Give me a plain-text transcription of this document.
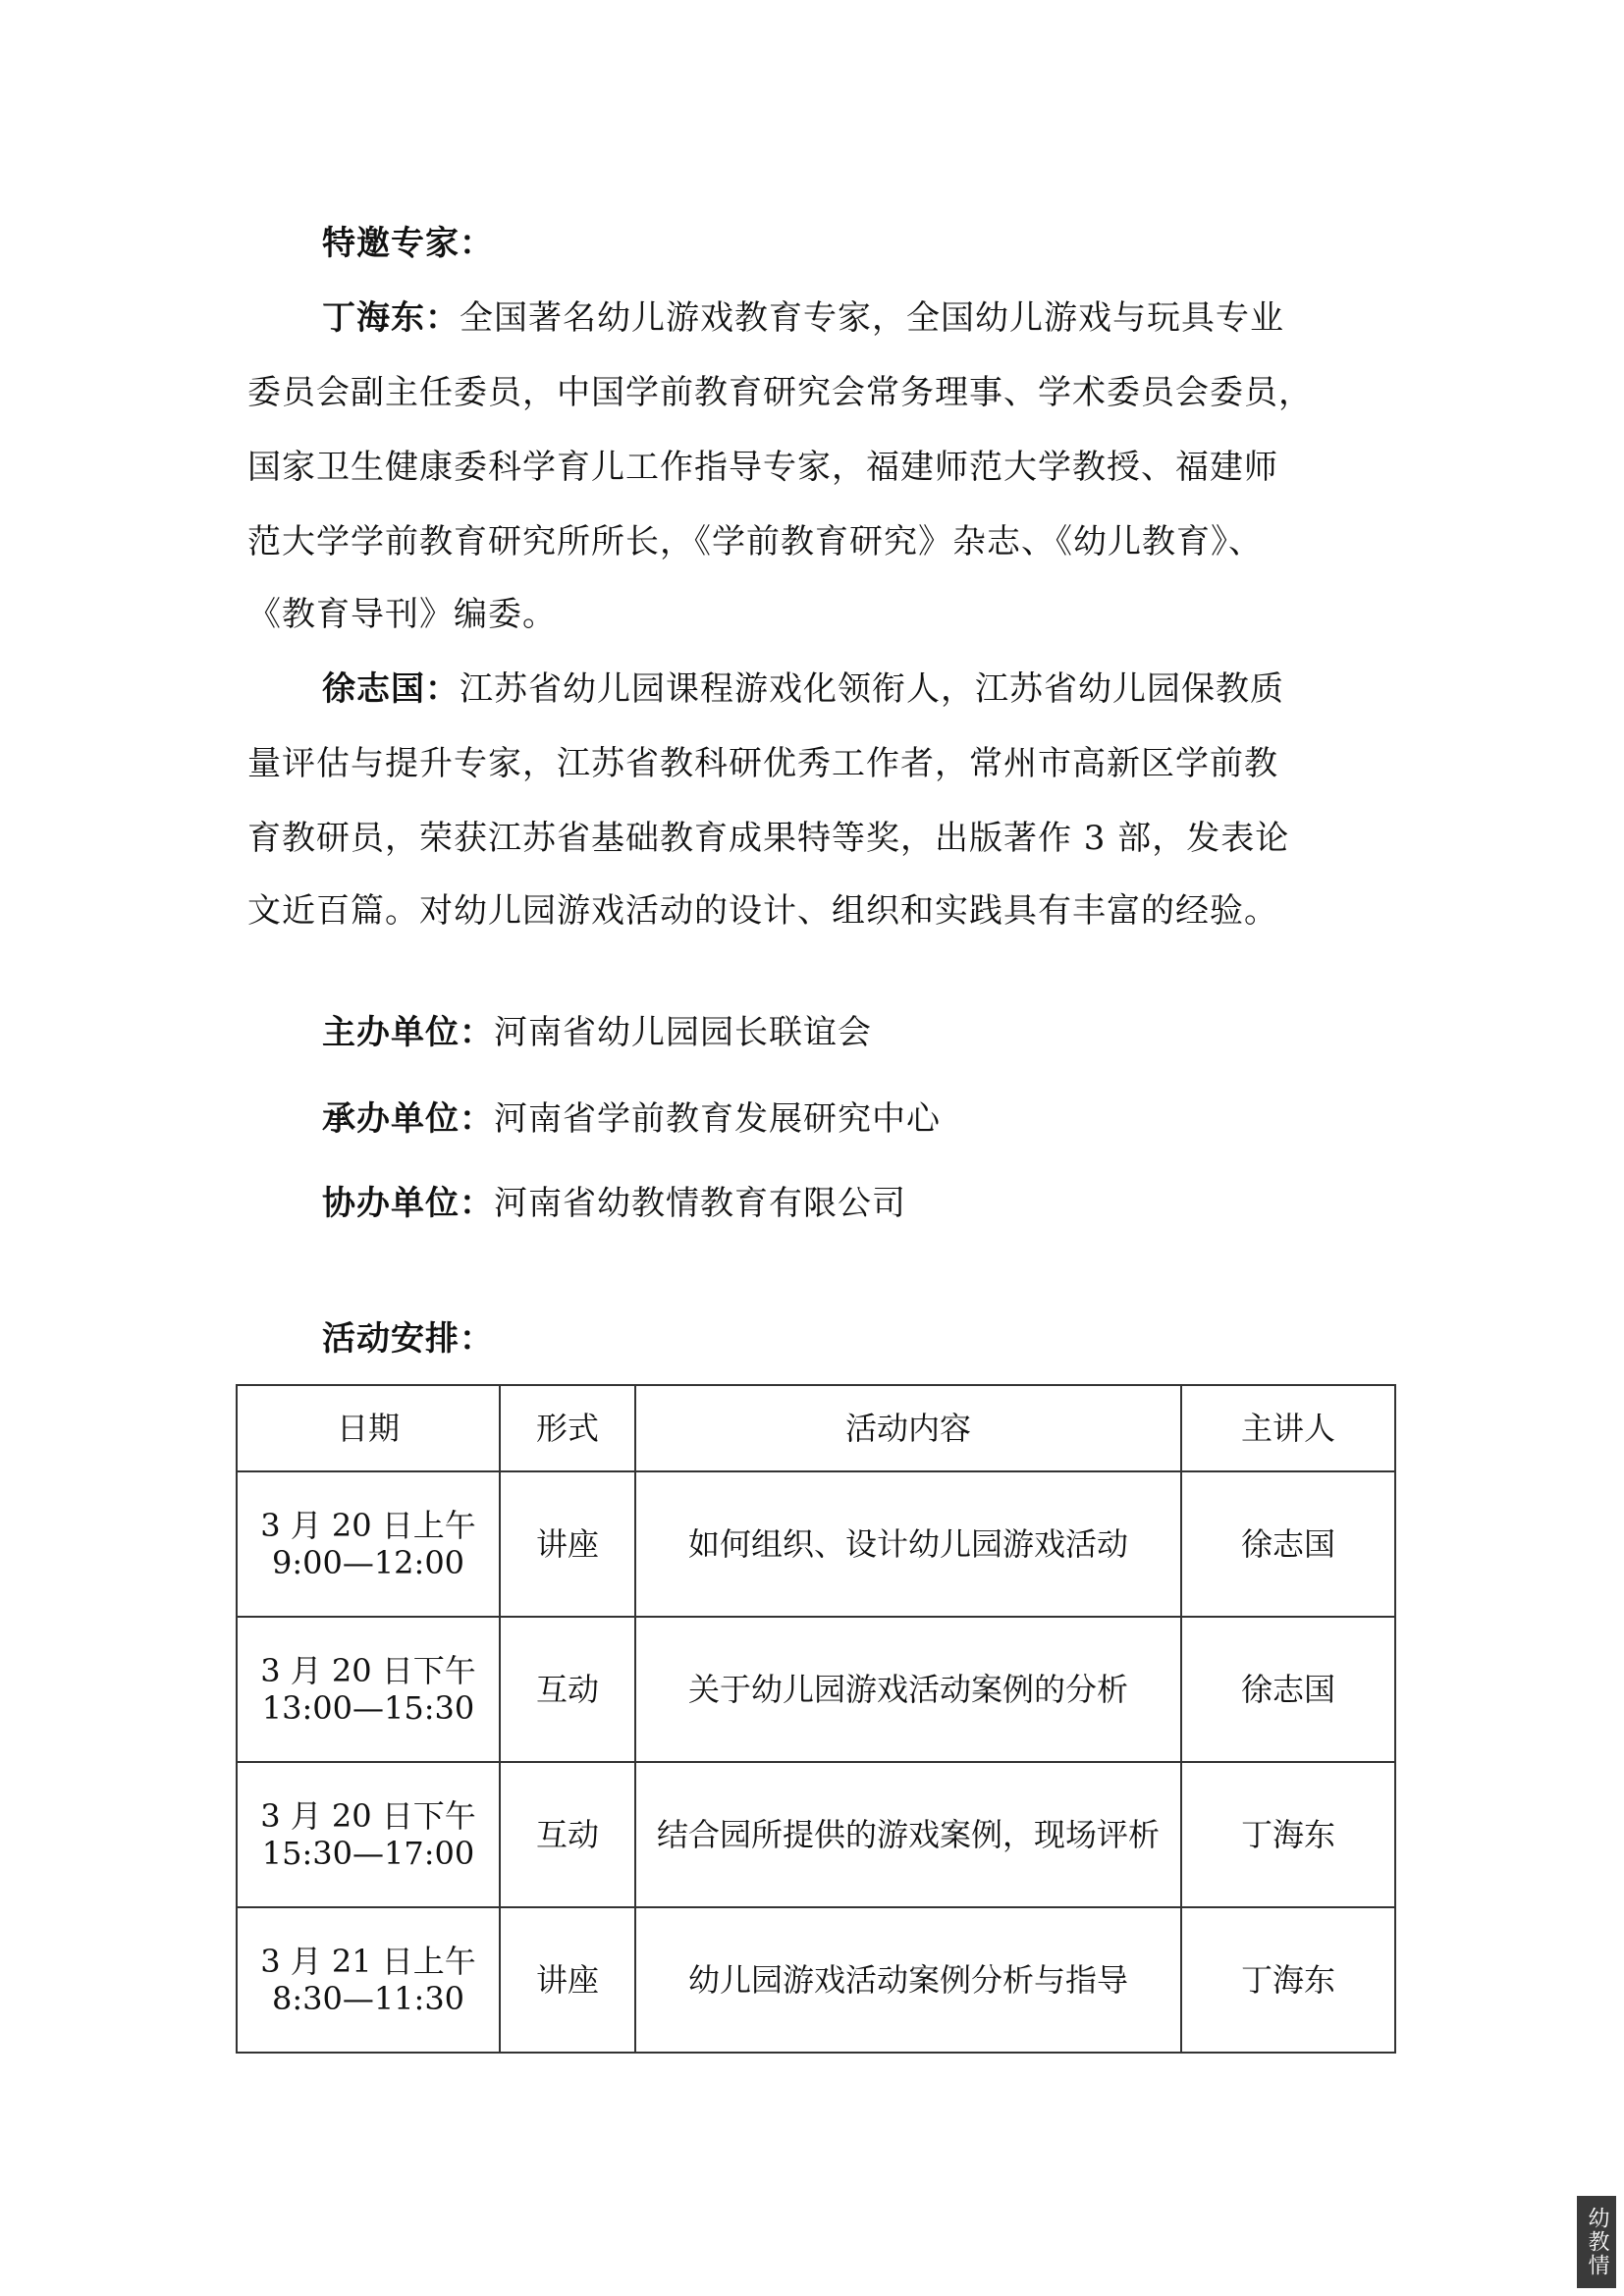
特邀专家：
丁海东：全国著名幼儿游戏教育专家，全国幼儿游戏与玩具专业
委员会副主任委员，中国学前教育研究会常务理事、学术委员会委员，
国家卫生健康委科学育儿工作指导专家，福建师范大学教授、福建师
范大学学前教育研究所所长，《学前教育研究》杂志、《幼儿教育》、
《教育导刊》编委。
徐志国：江苏省幼儿园课程游戏化领衔人，江苏省幼儿园保教质
量评估与提升专家，江苏省教科研优秀工作者，常州市高新区学前教
育教研员，荣获江苏省基础教育成果特等奖，出版著作 3 部，发表论
文近百篇。对幼儿园游戏活动的设计、组织和实践具有丰富的经验。
主办单位：河南省幼儿园园长联谊会
承办单位：河南省学前教育发展研究中心
协办单位：河南省幼教情教育有限公司
活动安排：
日期	形式	活动内容	主讲人

3 月 20 日上午
9:00—12:00	讲座	如何组织、设计幼儿园游戏活动	徐志国

3 月 20 日下午
13:00—15:30	互动	关于幼儿园游戏活动案例的分析	徐志国

3 月 20 日下午
15:30—17:00	互动	结合园所提供的游戏案例，现场评析	丁海东

3 月 21 日上午
8:30—11:30	讲座	幼儿园游戏活动案例分析与指导	丁海东
幼教情
